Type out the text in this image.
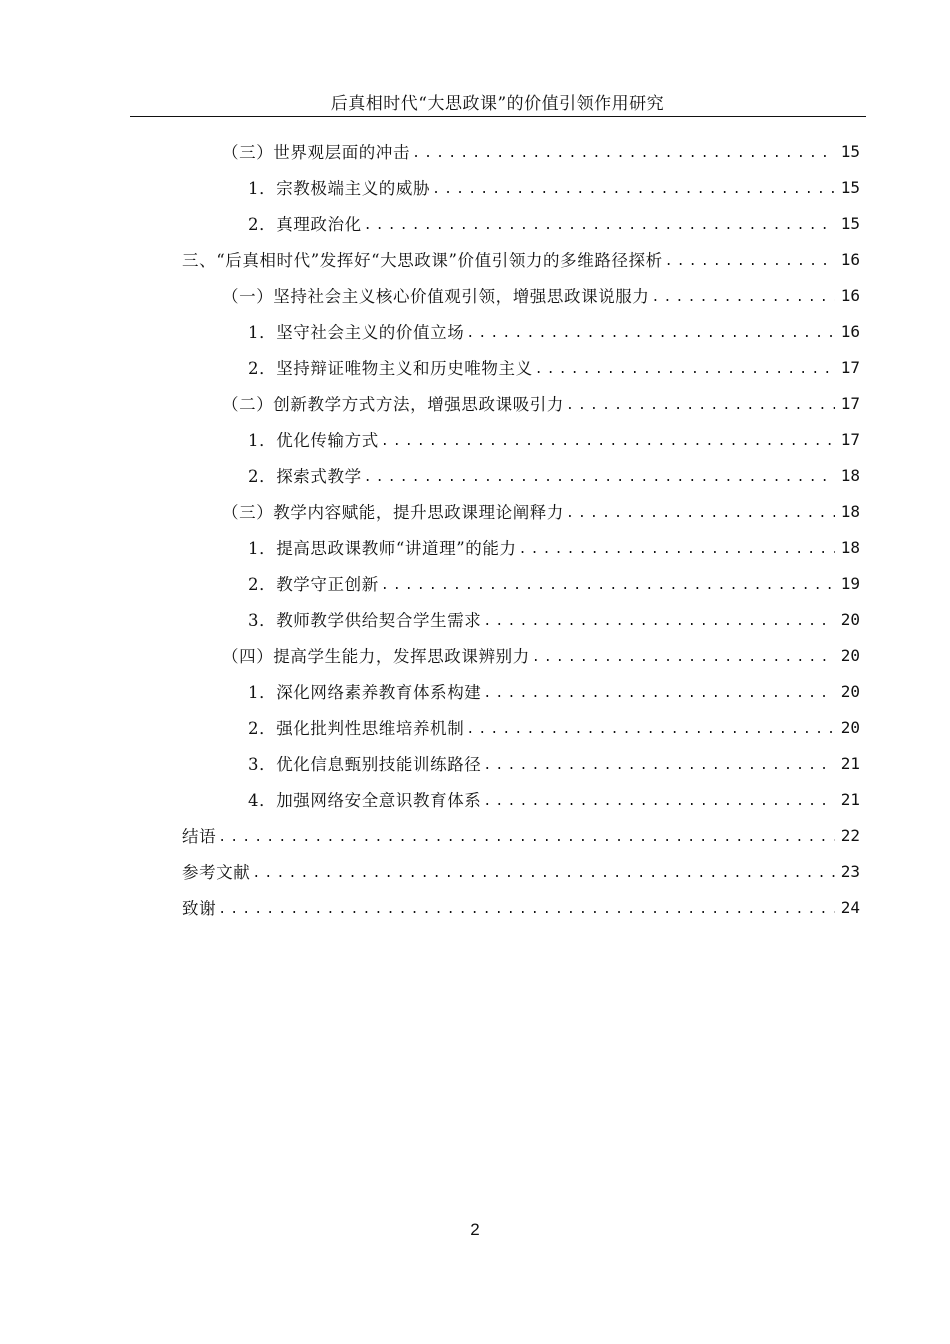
后真相时代“大思政课”的价值引领作用研究
（三）世界观层面的冲击 .....	15
1．宗教极端主义的威胁 .....	15
2．真理政治化 .....	15
三、“后真相时代”发挥好“大思政课”价值引领力的多维路径探析 .....	16
（一）坚持社会主义核心价值观引领，增强思政课说服力 .....	16
1．坚守社会主义的价值立场 .....	16
2．坚持辩证唯物主义和历史唯物主义 .....	17
（二）创新教学方式方法，增强思政课吸引力 .....	17
1．优化传输方式 .....	17
2．探索式教学 .....	18
（三）教学内容赋能，提升思政课理论阐释力 .....	18
1．提高思政课教师“讲道理”的能力 .....	18
2．教学守正创新 .....	19
3．教师教学供给契合学生需求 .....	20
（四）提高学生能力，发挥思政课辨别力 .....	20
1．深化网络素养教育体系构建 .....	20
2．强化批判性思维培养机制 .....	20
3．优化信息甄别技能训练路径 .....	21
4．加强网络安全意识教育体系 .....	21
结语 .....	22
参考文献 .....	23
致谢 .....	24
2
